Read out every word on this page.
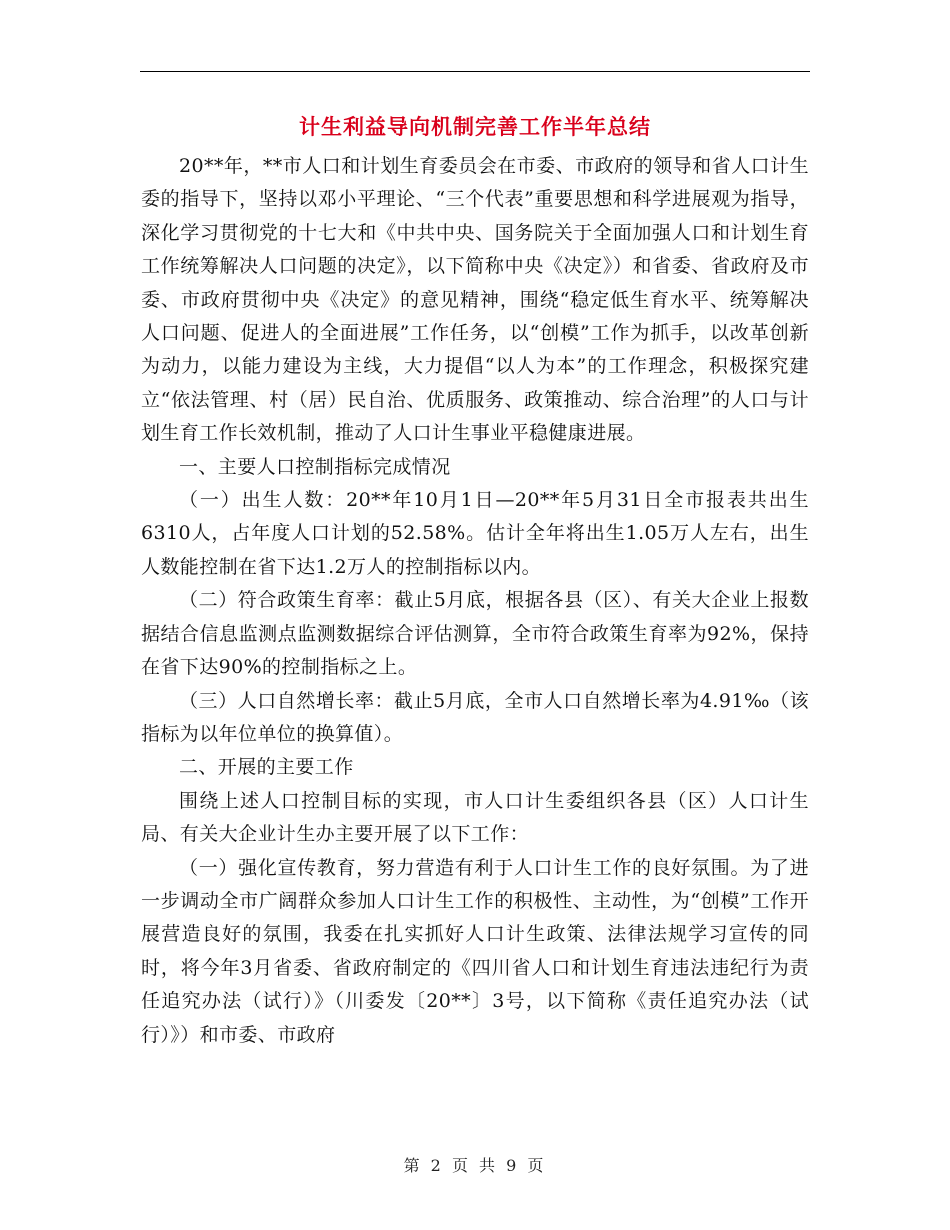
计生利益导向机制完善工作半年总结

20**年，**市人口和计划生育委员会在市委、市政府的领导和省人口计生委的指导下，坚持以邓小平理论、“三个代表”重要思想和科学进展观为指导，深化学习贯彻党的十七大和《中共中央、国务院关于全面加强人口和计划生育工作统筹解决人口问题的决定》，以下简称中央《决定》）和省委、省政府及市委、市政府贯彻中央《决定》的意见精神，围绕“稳定低生育水平、统筹解决人口问题、促进人的全面进展”工作任务，以“创模”工作为抓手，以改革创新为动力，以能力建设为主线，大力提倡“以人为本”的工作理念，积极探究建立“依法管理、村（居）民自治、优质服务、政策推动、综合治理”的人口与计划生育工作长效机制，推动了人口计生事业平稳健康进展。

一、主要人口控制指标完成情况

（一）出生人数：20**年10月1日—20**年5月31日全市报表共出生6310人，占年度人口计划的52.58%。估计全年将出生1.05万人左右，出生人数能控制在省下达1.2万人的控制指标以内。

（二）符合政策生育率：截止5月底，根据各县（区）、有关大企业上报数据结合信息监测点监测数据综合评估测算，全市符合政策生育率为92%，保持在省下达90%的控制指标之上。

（三）人口自然增长率：截止5月底，全市人口自然增长率为4.91‰（该指标为以年位单位的换算值）。

二、开展的主要工作

围绕上述人口控制目标的实现，市人口计生委组织各县（区）人口计生局、有关大企业计生办主要开展了以下工作：

（一）强化宣传教育，努力营造有利于人口计生工作的良好氛围。为了进一步调动全市广阔群众参加人口计生工作的积极性、主动性，为“创模”工作开展营造良好的氛围，我委在扎实抓好人口计生政策、法律法规学习宣传的同时，将今年3月省委、省政府制定的《四川省人口和计划生育违法违纪行为责任追究办法（试行）》（川委发〔20**〕3号，以下简称《责任追究办法（试行）》）和市委、市政府

第 2 页 共 9 页
